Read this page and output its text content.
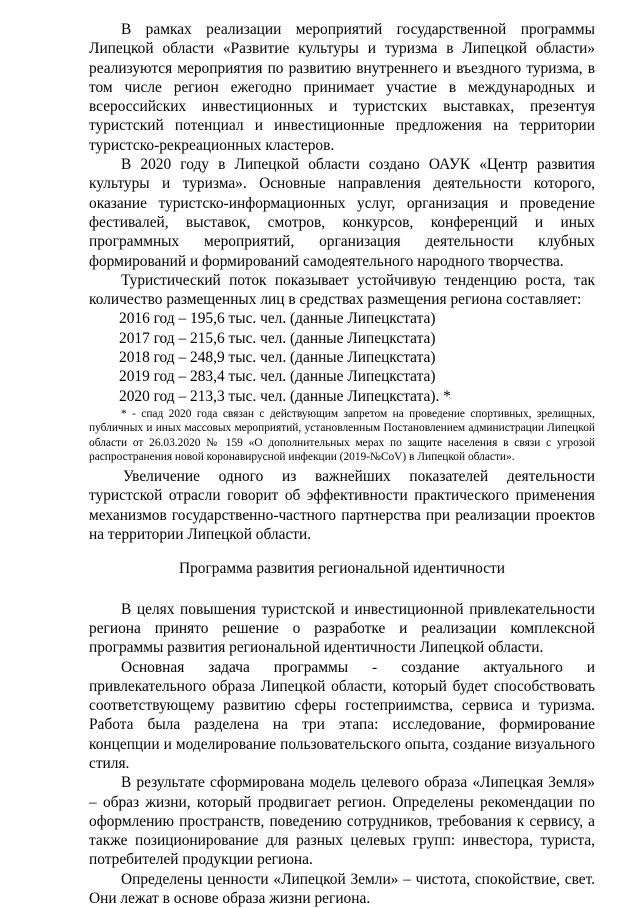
В рамках реализации мероприятий государственной программы Липецкой области «Развитие культуры и туризма в Липецкой области» реализуются мероприятия по развитию внутреннего и въездного туризма, в том числе регион ежегодно принимает участие в международных и всероссийских инвестиционных и туристских выставках, презентуя туристский потенциал и инвестиционные предложения на территории туристско-рекреационных кластеров.

В 2020 году в Липецкой области создано ОАУК «Центр развития культуры и туризма». Основные направления деятельности которого, оказание туристско-информационных услуг, организация и проведение фестивалей, выставок, смотров, конкурсов, конференций и иных программных мероприятий, организация деятельности клубных формирований и формирований самодеятельного народного творчества.

Туристический поток показывает устойчивую тенденцию роста, так количество размещенных лиц в средствах размещения региона составляет:

2016 год – 195,6 тыс. чел. (данные Липецкстата)
2017 год – 215,6 тыс. чел. (данные Липецкстата)
2018 год – 248,9 тыс. чел. (данные Липецкстата)
2019 год – 283,4 тыс. чел. (данные Липецкстата)
2020 год – 213,3 тыс. чел. (данные Липецкстата). *

* - спад 2020 года связан с действующим запретом на проведение спортивных, зрелищных, публичных и иных массовых мероприятий, установленным Постановлением администрации Липецкой области от 26.03.2020 № 159 «О дополнительных мерах по защите населения в связи с угрозой распространения новой коронавирусной инфекции (2019-№CoV) в Липецкой области».

Увеличение одного из важнейших показателей деятельности туристской отрасли говорит об эффективности практического применения механизмов государственно-частного партнерства при реализации проектов на территории Липецкой области.

Программа развития региональной идентичности

В целях повышения туристской и инвестиционной привлекательности региона принято решение о разработке и реализации комплексной программы развития региональной идентичности Липецкой области.

Основная задача программы - создание актуального и привлекательного образа Липецкой области, который будет способствовать соответствующему развитию сферы гостеприимства, сервиса и туризма. Работа была разделена на три этапа: исследование, формирование концепции и моделирование пользовательского опыта, создание визуального стиля.

В результате сформирована модель целевого образа «Липецкая Земля» – образ жизни, который продвигает регион. Определены рекомендации по оформлению пространств, поведению сотрудников, требования к сервису, а также позиционирование для разных целевых групп: инвестора, туриста, потребителей продукции региона.

Определены ценности «Липецкой Земли» – чистота, спокойствие, свет. Они лежат в основе образа жизни региона.
